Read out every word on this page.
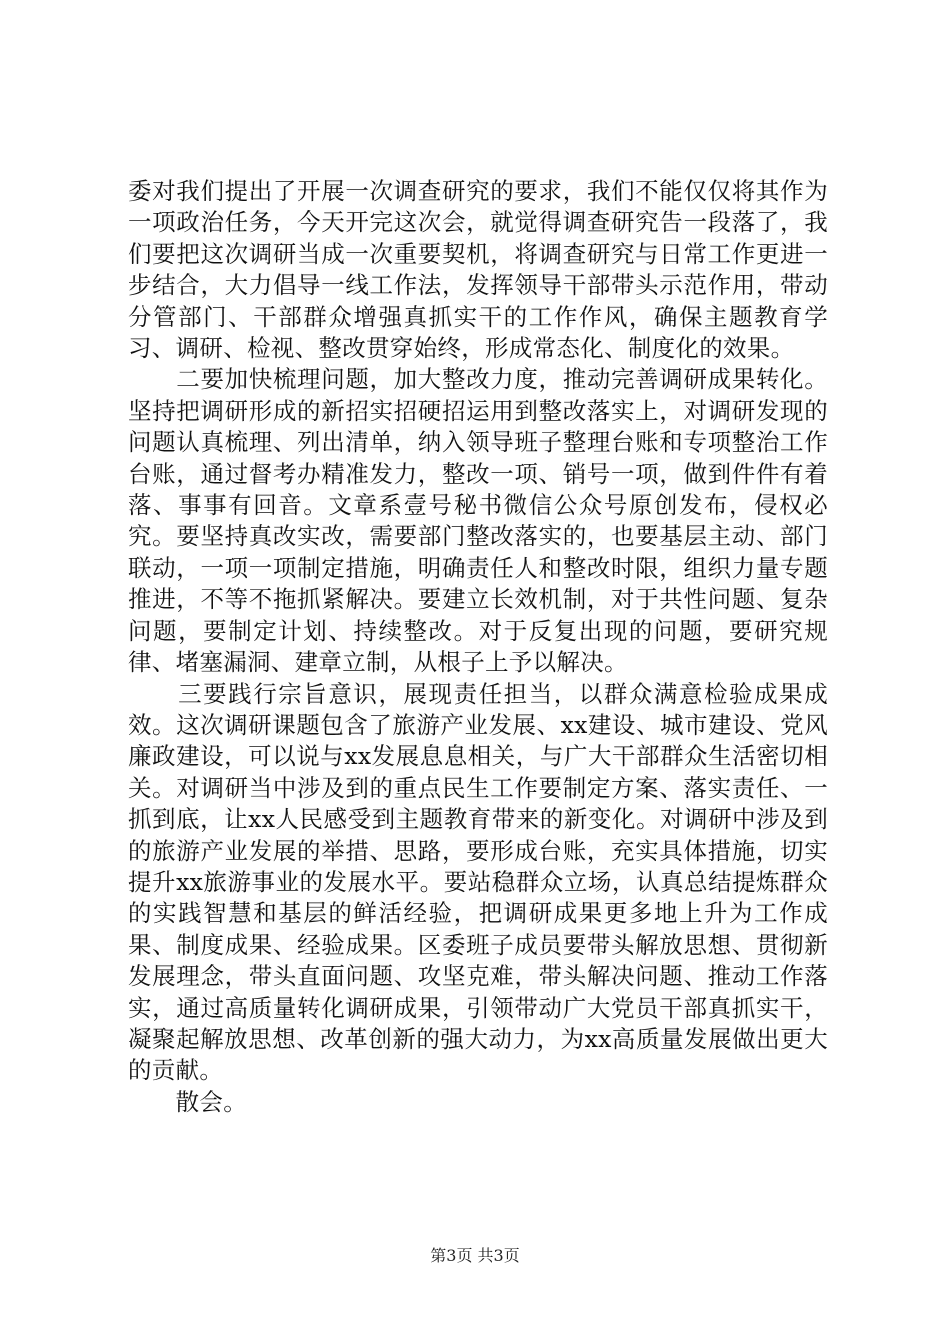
委对我们提出了开展一次调查研究的要求，我们不能仅仅将其作为一项政治任务，今天开完这次会，就觉得调查研究告一段落了，我们要把这次调研当成一次重要契机，将调查研究与日常工作更进一步结合，大力倡导一线工作法，发挥领导干部带头示范作用，带动分管部门、干部群众增强真抓实干的工作作风，确保主题教育学习、调研、检视、整改贯穿始终，形成常态化、制度化的效果。

　　二要加快梳理问题，加大整改力度，推动完善调研成果转化。坚持把调研形成的新招实招硬招运用到整改落实上，对调研发现的问题认真梳理、列出清单，纳入领导班子整理台账和专项整治工作台账，通过督考办精准发力，整改一项、销号一项，做到件件有着落、事事有回音。文章系壹号秘书微信公众号原创发布，侵权必究。要坚持真改实改，需要部门整改落实的，也要基层主动、部门联动，一项一项制定措施，明确责任人和整改时限，组织力量专题推进，不等不拖抓紧解决。要建立长效机制，对于共性问题、复杂问题，要制定计划、持续整改。对于反复出现的问题，要研究规律、堵塞漏洞、建章立制，从根子上予以解决。

　　三要践行宗旨意识，展现责任担当，以群众满意检验成果成效。这次调研课题包含了旅游产业发展、xx建设、城市建设、党风廉政建设，可以说与xx发展息息相关，与广大干部群众生活密切相关。对调研当中涉及到的重点民生工作要制定方案、落实责任、一抓到底，让xx人民感受到主题教育带来的新变化。对调研中涉及到的旅游产业发展的举措、思路，要形成台账，充实具体措施，切实提升xx旅游事业的发展水平。要站稳群众立场，认真总结提炼群众的实践智慧和基层的鲜活经验，把调研成果更多地上升为工作成果、制度成果、经验成果。区委班子成员要带头解放思想、贯彻新发展理念，带头直面问题、攻坚克难，带头解决问题、推动工作落实，通过高质量转化调研成果，引领带动广大党员干部真抓实干，凝聚起解放思想、改革创新的强大动力，为xx高质量发展做出更大的贡献。

　　散会。

第3页 共3页
